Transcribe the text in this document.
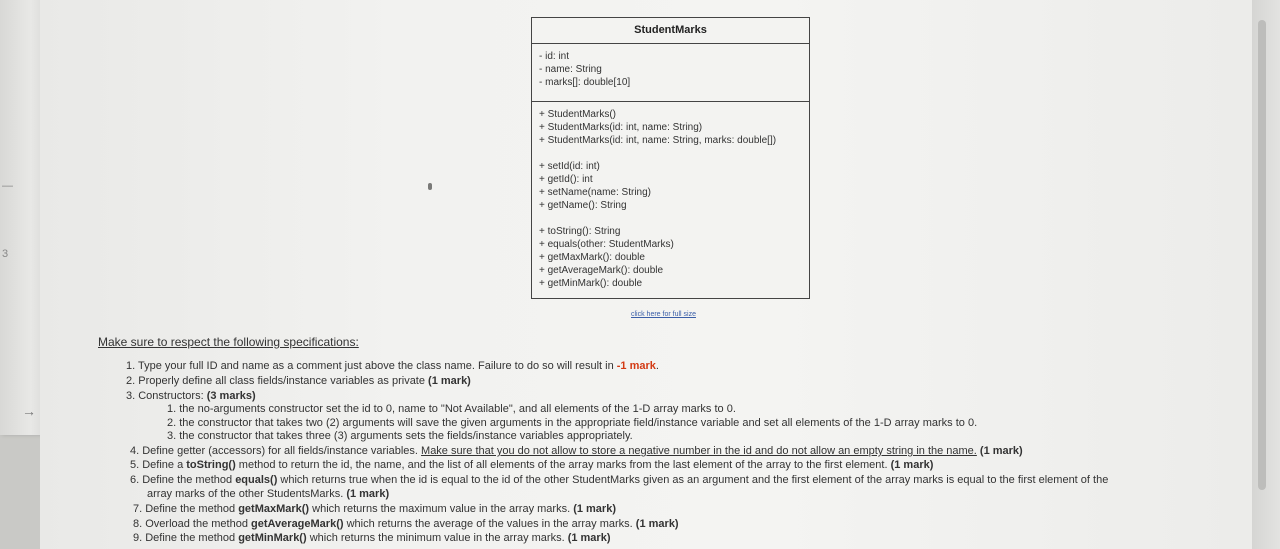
—
3
→
StudentMarks
- id: int
- name: String
- marks[]: double[10]
+ StudentMarks()
+ StudentMarks(id: int, name: String)
+ StudentMarks(id: int, name: String, marks: double[])
+ setId(id: int)
+ getId(): int
+ setName(name: String)
+ getName(): String
+ toString(): String
+ equals(other: StudentMarks)
+ getMaxMark(): double
+ getAverageMark(): double
+ getMinMark(): double
click here for full size
Make sure to respect the following specifications:
1. Type your full ID and name as a comment just above the class name. Failure to do so will result in -1 mark.
2. Properly define all class fields/instance variables as private (1 mark)
3. Constructors: (3 marks)
1. the no-arguments constructor set the id to 0, name to "Not Available", and all elements of the 1-D array marks to 0.
2. the constructor that takes two (2) arguments will save the given arguments in the appropriate field/instance variable and set all elements of the 1-D array marks to 0.
3. the constructor that takes three (3) arguments sets the fields/instance variables appropriately.
4. Define getter (accessors) for all fields/instance variables. Make sure that you do not allow to store a negative number in the id and do not allow an empty string in the name. (1 mark)
5. Define a toString() method to return the id, the name, and the list of all elements of the array marks from the last element of the array to the first element. (1 mark)
6. Define the method equals() which returns true when the id is equal to the id of the other StudentMarks given as an argument and the first element of the array marks is equal to the first element of the
array marks of the other StudentsMarks. (1 mark)
7. Define the method getMaxMark() which returns the maximum value in the array marks. (1 mark)
8. Overload the method getAverageMark() which returns the average of the values in the array marks. (1 mark)
9. Define the method getMinMark() which returns the minimum value in the array marks. (1 mark)
